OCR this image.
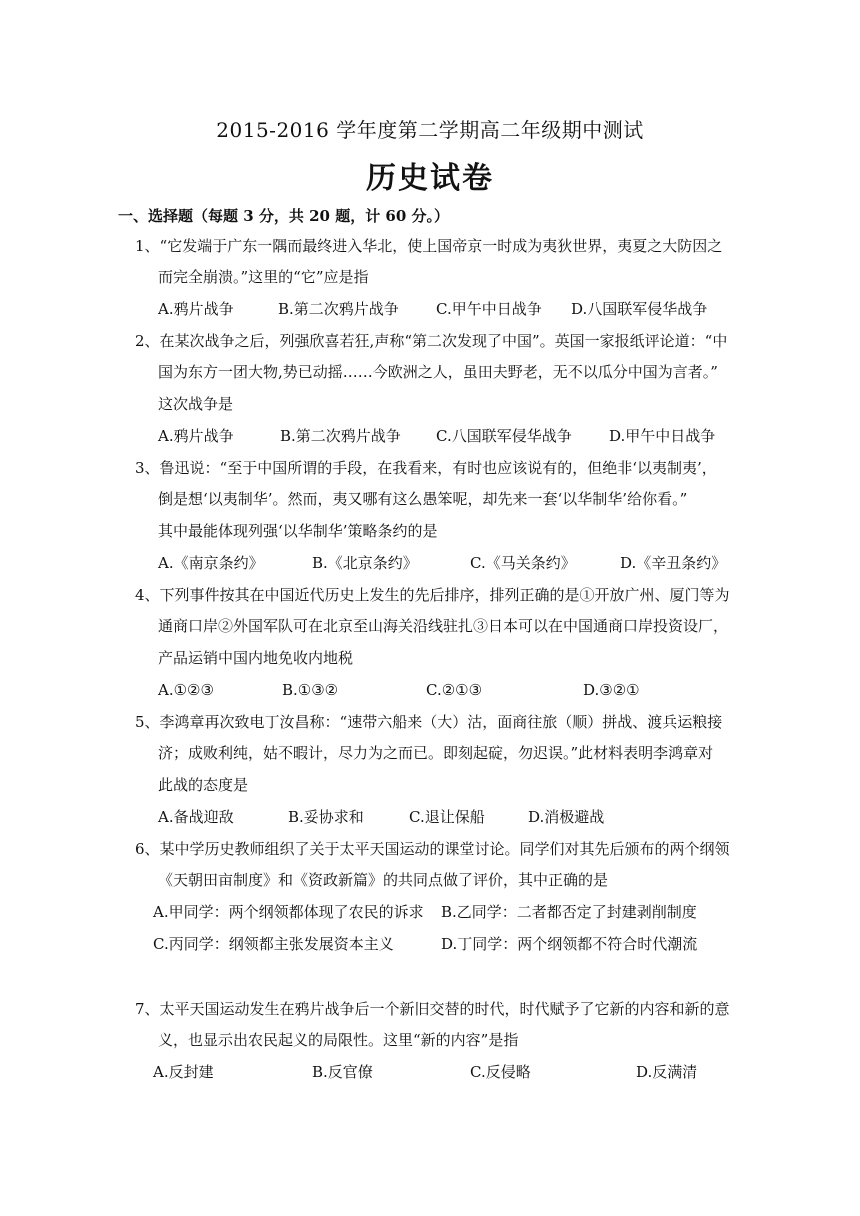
2015-2016 学年度第二学期高二年级期中测试
历史试卷
一、选择题（每题 3 分，共 20 题，计 60 分。）
1、“它发端于广东一隅而最终进入华北，使上国帝京一时成为夷狄世界，夷夏之大防因之
而完全崩溃。”这里的“它”应是指
A.鸦片战争	B.第二次鸦片战争 C.甲午中日战争 D.八国联军侵华战争
2、在某次战争之后，列强欣喜若狂,声称“第二次发现了中国”。英国一家报纸评论道：“中
国为东方一团大物,势已动摇……今欧洲之人，虽田夫野老，无不以瓜分中国为言者。”
这次战争是
A.鸦片战争	B.第二次鸦片战争 C.八国联军侵华战争 D.甲午中日战争
3、鲁迅说：“至于中国所谓的手段，在我看来，有时也应该说有的，但绝非‘以夷制夷’，
倒是想‘以夷制华’。然而，夷又哪有这么愚笨呢，却先来一套‘以华制华’给你看。”
其中最能体现列强‘以华制华’策略条约的是
A.《南京条约》	B.《北京条约》	C.《马关条约》	D.《辛丑条约》
4、下列事件按其在中国近代历史上发生的先后排序，排列正确的是①开放广州、厦门等为
通商口岸②外国军队可在北京至山海关沿线驻扎③日本可以在中国通商口岸投资设厂，
产品运销中国内地免收内地税
A.①②③	B.①③②	C.②①③	D.③②①
5、李鸿章再次致电丁汝昌称：“速带六船来（大）沽，面商往旅（顺）拼战、渡兵运粮接
济；成败利纯，姑不暇计，尽力为之而已。即刻起碇，勿迟误。”此材料表明李鸿章对
此战的态度是
A.备战迎敌	B.妥协求和	C.退让保船	D.消极避战
6、某中学历史教师组织了关于太平天国运动的课堂讨论。同学们对其先后颁布的两个纲领
《天朝田亩制度》和《资政新篇》的共同点做了评价，其中正确的是
A.甲同学：两个纲领都体现了农民的诉求 B.乙同学：二者都否定了封建剥削制度
C.丙同学：纲领都主张发展资本主义	D.丁同学：两个纲领都不符合时代潮流
7、太平天国运动发生在鸦片战争后一个新旧交替的时代，时代赋予了它新的内容和新的意
义，也显示出农民起义的局限性。这里“新的内容”是指
A.反封建	B.反官僚	C.反侵略	D.反满清
